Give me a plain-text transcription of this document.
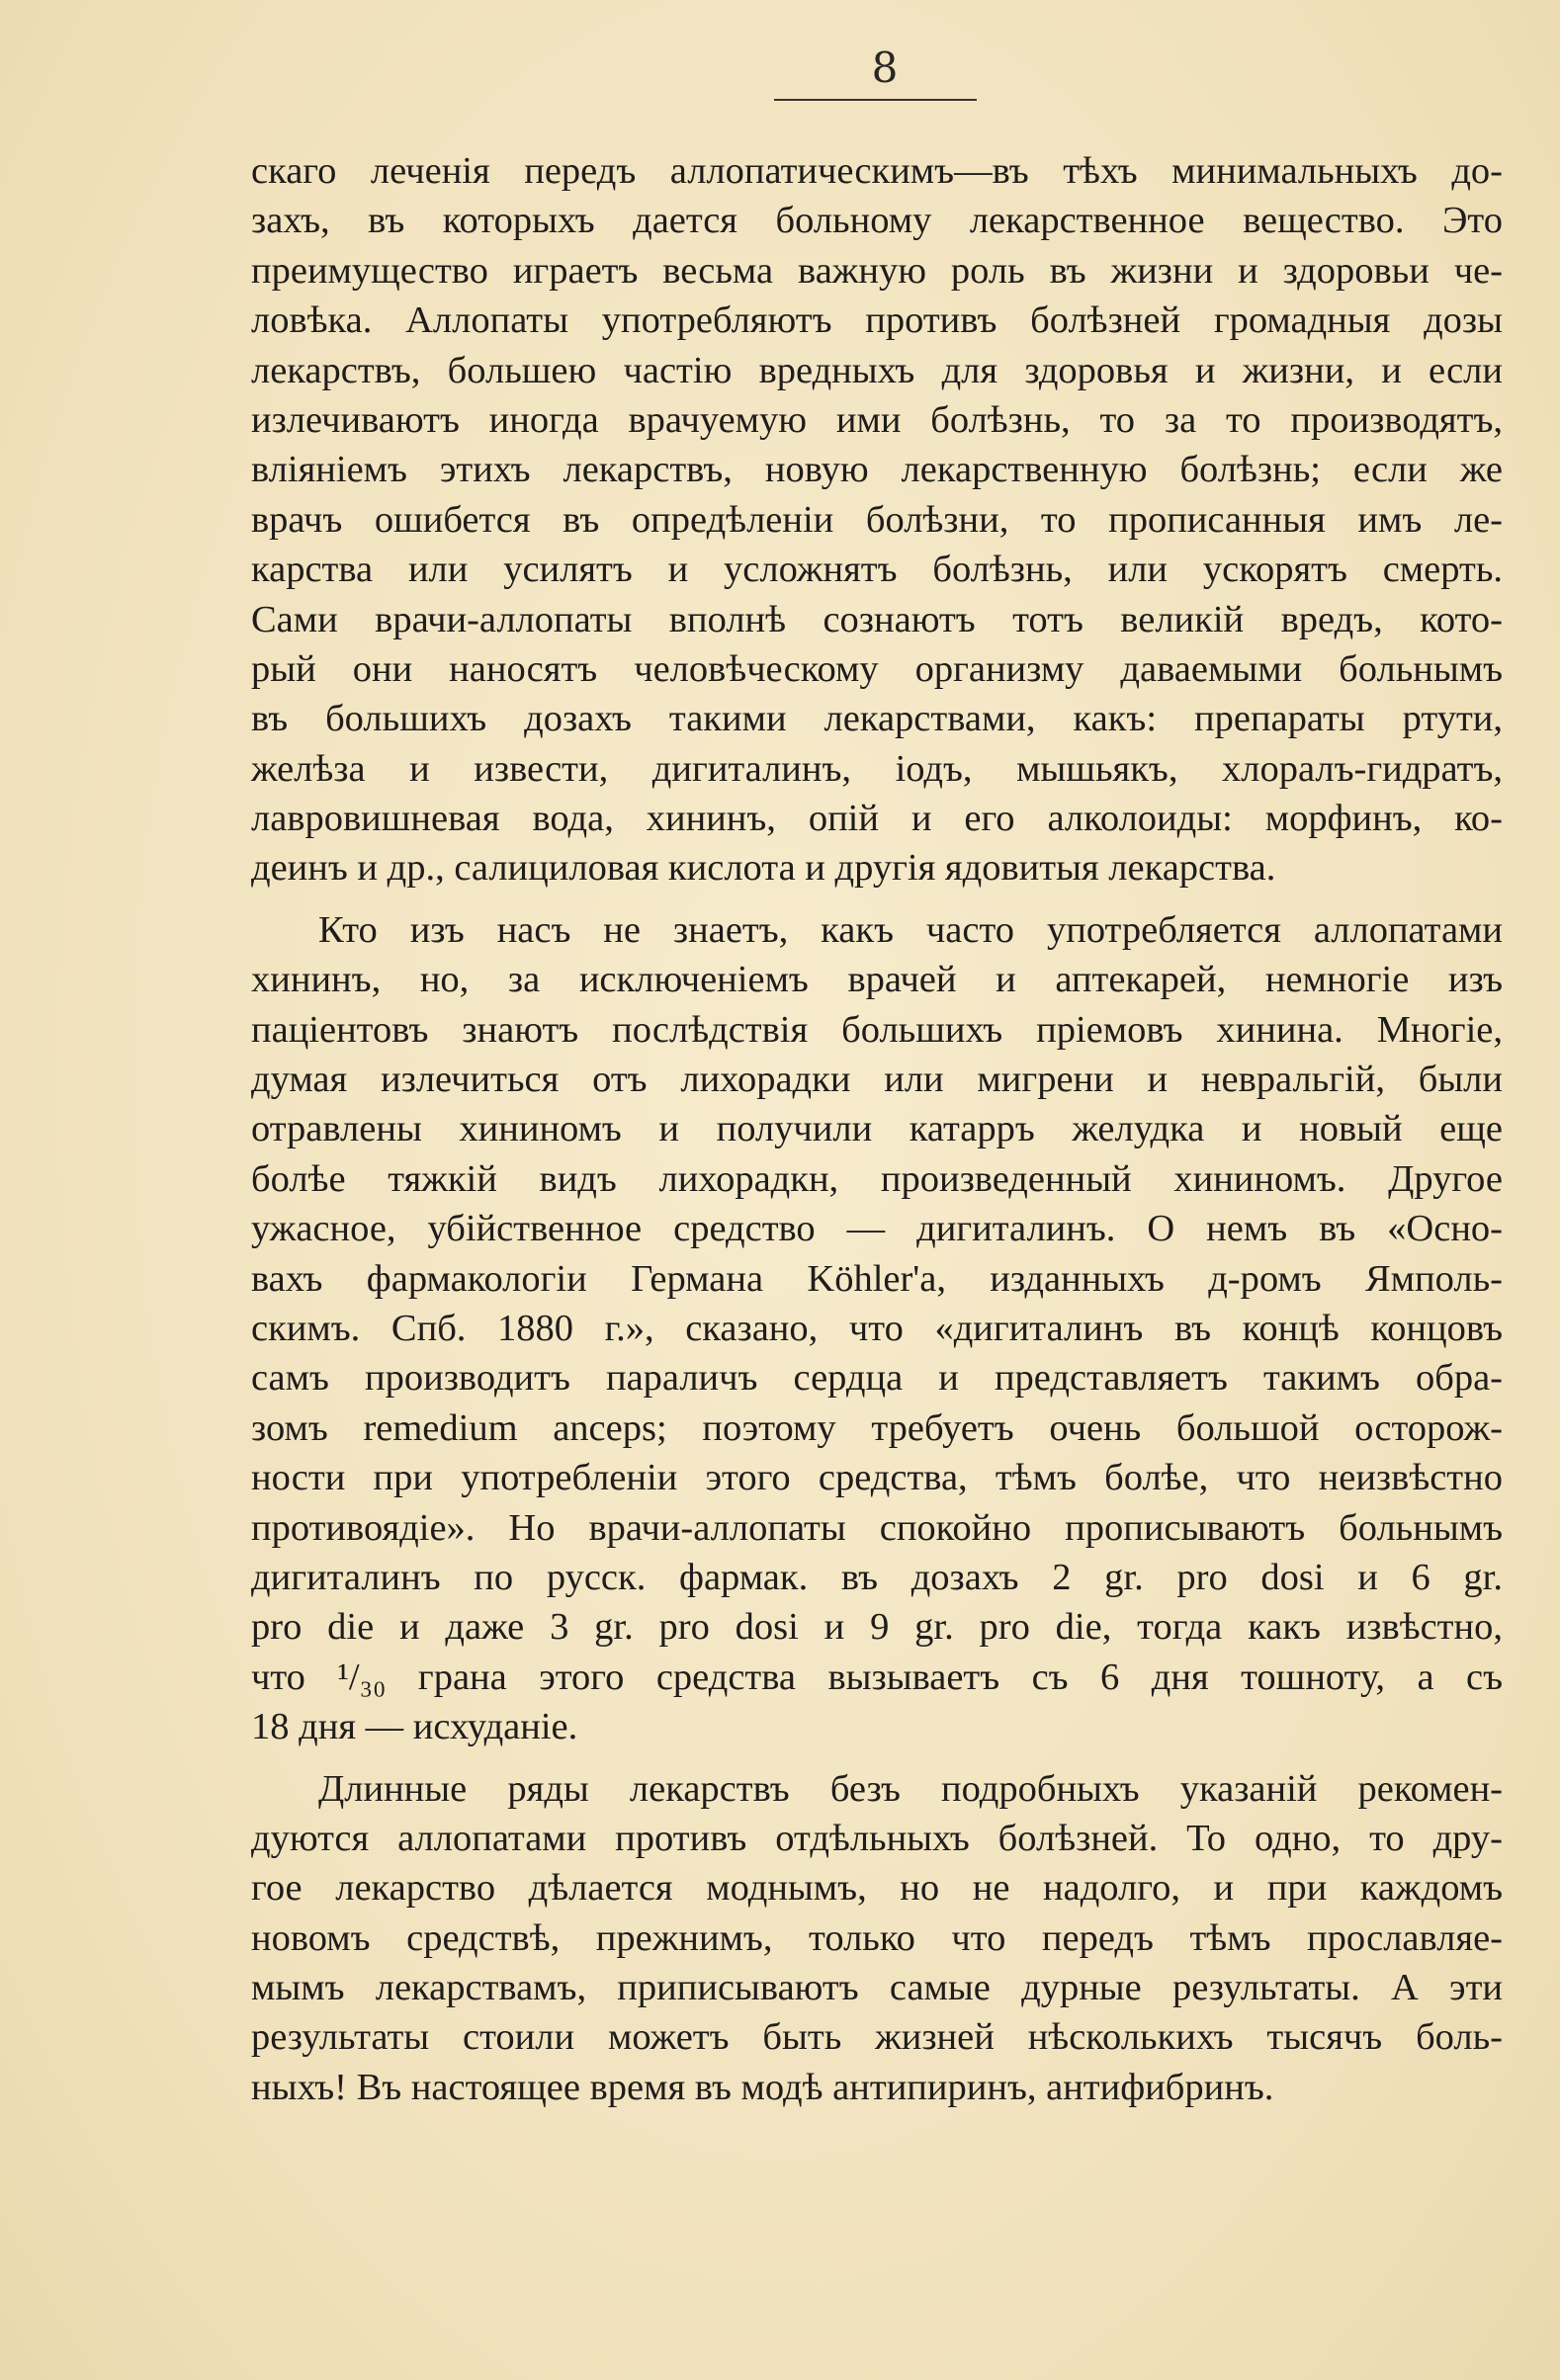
8
скаго леченія передъ аллопатическимъ—въ тѣхъ минимальныхъ до-
захъ, въ которыхъ дается больному лекарственное вещество. Это
преимущество играетъ весьма важную роль въ жизни и здоровьи че-
ловѣка. Аллопаты употребляютъ противъ болѣзней громадныя дозы
лекарствъ, большею частію вредныхъ для здоровья и жизни, и если
излечиваютъ иногда врачуемую ими болѣзнь, то за то производятъ,
вліяніемъ этихъ лекарствъ, новую лекарственную болѣзнь; если же
врачъ ошибется въ опредѣленіи болѣзни, то прописанныя имъ ле-
карства или усилятъ и усложнятъ болѣзнь, или ускорятъ смерть.
Сами врачи-аллопаты вполнѣ сознаютъ тотъ великій вредъ, кото-
рый они наносятъ человѣческому организму даваемыми больнымъ
въ большихъ дозахъ такими лекарствами, какъ: препараты ртути,
желѣза и извести, дигиталинъ, іодъ, мышьякъ, хлоралъ-гидратъ,
лавровишневая вода, хининъ, опій и его алколоиды: морфинъ, ко-
деинъ и др., салициловая кислота и другія ядовитыя лекарства.
Кто изъ насъ не знаетъ, какъ часто употребляется аллопатами
хининъ, но, за исключеніемъ врачей и аптекарей, немногіе изъ
паціентовъ знаютъ послѣдствія большихъ пріемовъ хинина. Многіе,
думая излечиться отъ лихорадки или мигрени и невральгій, были
отравлены хининомъ и получили катарръ желудка и новый еще
болѣе тяжкій видъ лихорадкн, произведенный хининомъ. Другое
ужасное, убійственное средство — дигиталинъ. О немъ въ «Осно-
вахъ фармакологіи Германа Köhler'а, изданныхъ д-ромъ Ямполь-
скимъ. Спб. 1880 г.», сказано, что «дигиталинъ въ концѣ концовъ
самъ производитъ параличъ сердца и представляетъ такимъ обра-
зомъ remedium anceps; поэтому требуетъ очень большой осторож-
ности при употребленіи этого средства, тѣмъ болѣе, что неизвѣстно
противоядіе». Но врачи-аллопаты спокойно прописываютъ больнымъ
дигиталинъ по русск. фармак. въ дозахъ 2 gr. pro dosi и 6 gr.
pro die и даже 3 gr. pro dosi и 9 gr. pro die, тогда какъ извѣстно,
что ¹/₃₀ грана этого средства вызываетъ съ 6 дня тошноту, а съ
18 дня — исхуданіе.
Длинные ряды лекарствъ безъ подробныхъ указаній рекомен-
дуются аллопатами противъ отдѣльныхъ болѣзней. То одно, то дру-
гое лекарство дѣлается моднымъ, но не надолго, и при каждомъ
новомъ средствѣ, прежнимъ, только что передъ тѣмъ прославляе-
мымъ лекарствамъ, приписываютъ самые дурные результаты. А эти
результаты стоили можетъ быть жизней нѣсколькихъ тысячъ боль-
ныхъ! Въ настоящее время въ модѣ антипиринъ, антифибринъ.
